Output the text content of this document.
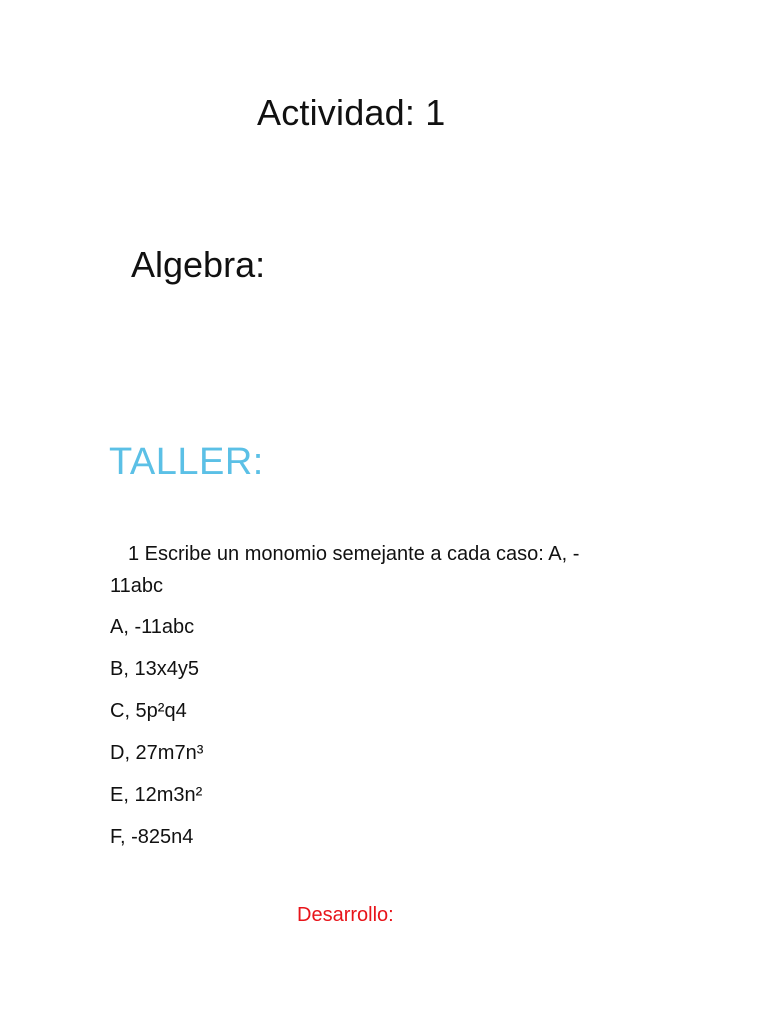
Actividad: 1
Algebra:
TALLER:
1 Escribe un monomio semejante a cada caso: A, -
11abc
A, -11abc
B, 13x4y5
C, 5p²q4
D, 27m7n³
E, 12m3n²
F, -825n4
Desarrollo:
